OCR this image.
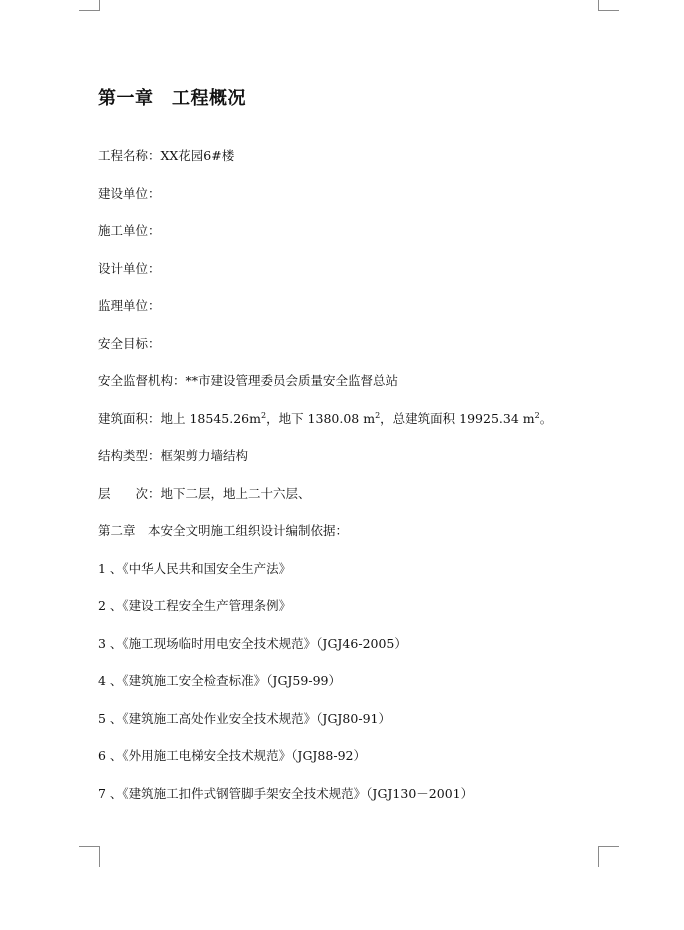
第一章　工程概况
工程名称：XX花园6#楼
建设单位：
施工单位：
设计单位：
监理单位：
安全目标：
安全监督机构：**市建设管理委员会质量安全监督总站
建筑面积：地上 $18545.26m^2$，地下 1380.08 $m^2$，总建筑面积 19925.34 $m^2$。
结构类型：框架剪力墙结构
层　　次：地下二层，地上二十六层、
第二章　本安全文明施工组织设计编制依据：
1 、《中华人民共和国安全生产法》
2 、《建设工程安全生产管理条例》
3 、《施工现场临时用电安全技术规范》（JGJ46-2005）
4 、《建筑施工安全检查标准》（JGJ59-99）
5 、《建筑施工高处作业安全技术规范》（JGJ80-91）
6 、《外用施工电梯安全技术规范》（JGJ88-92）
7 、《建筑施工扣件式钢管脚手架安全技术规范》（JGJ130－2001）
